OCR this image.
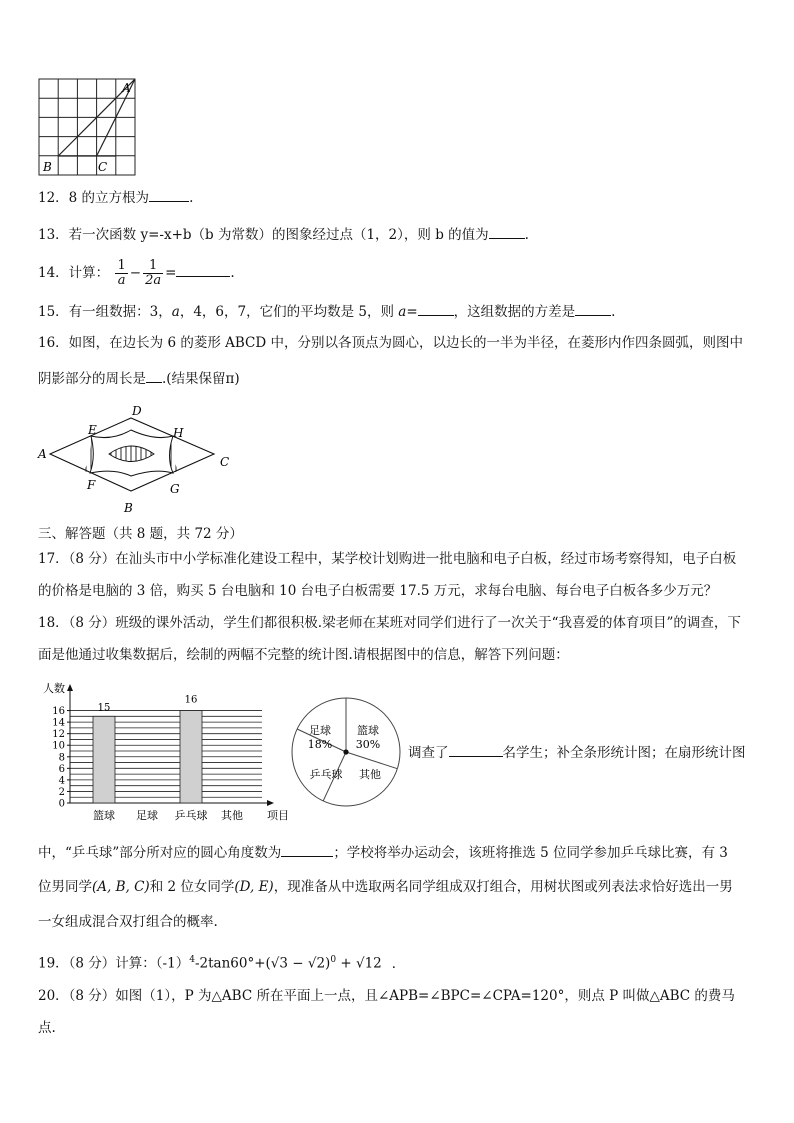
A
B	C
12．8 的立方根为	.
13．若一次函数 y=-x+b（b 为常数）的图象经过点（1，2），则 b 的值为	.
14．计算： $\frac{1}{a} - \frac{1}{2a}$ =	.
15．有一组数据：3，a，4，6，7，它们的平均数是 5，则 a=	，这组数据的方差是	.
16．如图，在边长为 6 的菱形 ABCD 中，分别以各顶点为圆心，以边长的一半为半径，在菱形内作四条圆弧，则图中
阴影部分的周长是 .(结果保留π)
A
B
C
D
E
F	G
H
三、解答题（共 8 题，共 72 分）
17．（8 分）在汕头市中小学标准化建设工程中，某学校计划购进一批电脑和电子白板，经过市场考察得知，电子白板
的价格是电脑的 3 倍，购买 5 台电脑和 10 台电子白板需要 17.5 万元，求每台电脑、每台电子白板各多少万元？
18．（8 分）班级的课外活动，学生们都很积极.梁老师在某班对同学们进行了一次关于“我喜爱的体育项目”的调查，下
面是他通过收集数据后，绘制的两幅不完整的统计图.请根据图中的信息，解答下列问题：
0
2
4
6
8
10
12
14
16
人数
项目
篮球
15
足球 乒乓球
16
其他
篮球
30%
足球
18%
乒乓球 其他
调查了	名学生；补全条形统计图；在扇形统计图
中，“乒乓球”部分所对应的圆心角度数为	；学校将举办运动会，该班将推选 5 位同学参加乒乓球比赛，有 3
位男同学(A, B, C)和 2 位女同学(D, E)，现准备从中选取两名同学组成双打组合，用树状图或列表法求恰好选出一男
一女组成混合双打组合的概率.
19．（8 分）计算：$(-1)^4-2\tan 60^\circ+(√3 - √2)^0 + √12$ ．
20．（8 分）如图（1），P 为△ABC 所在平面上一点，且∠APB=∠BPC=∠CPA=120°，则点 P 叫做△ABC 的费马
点.
